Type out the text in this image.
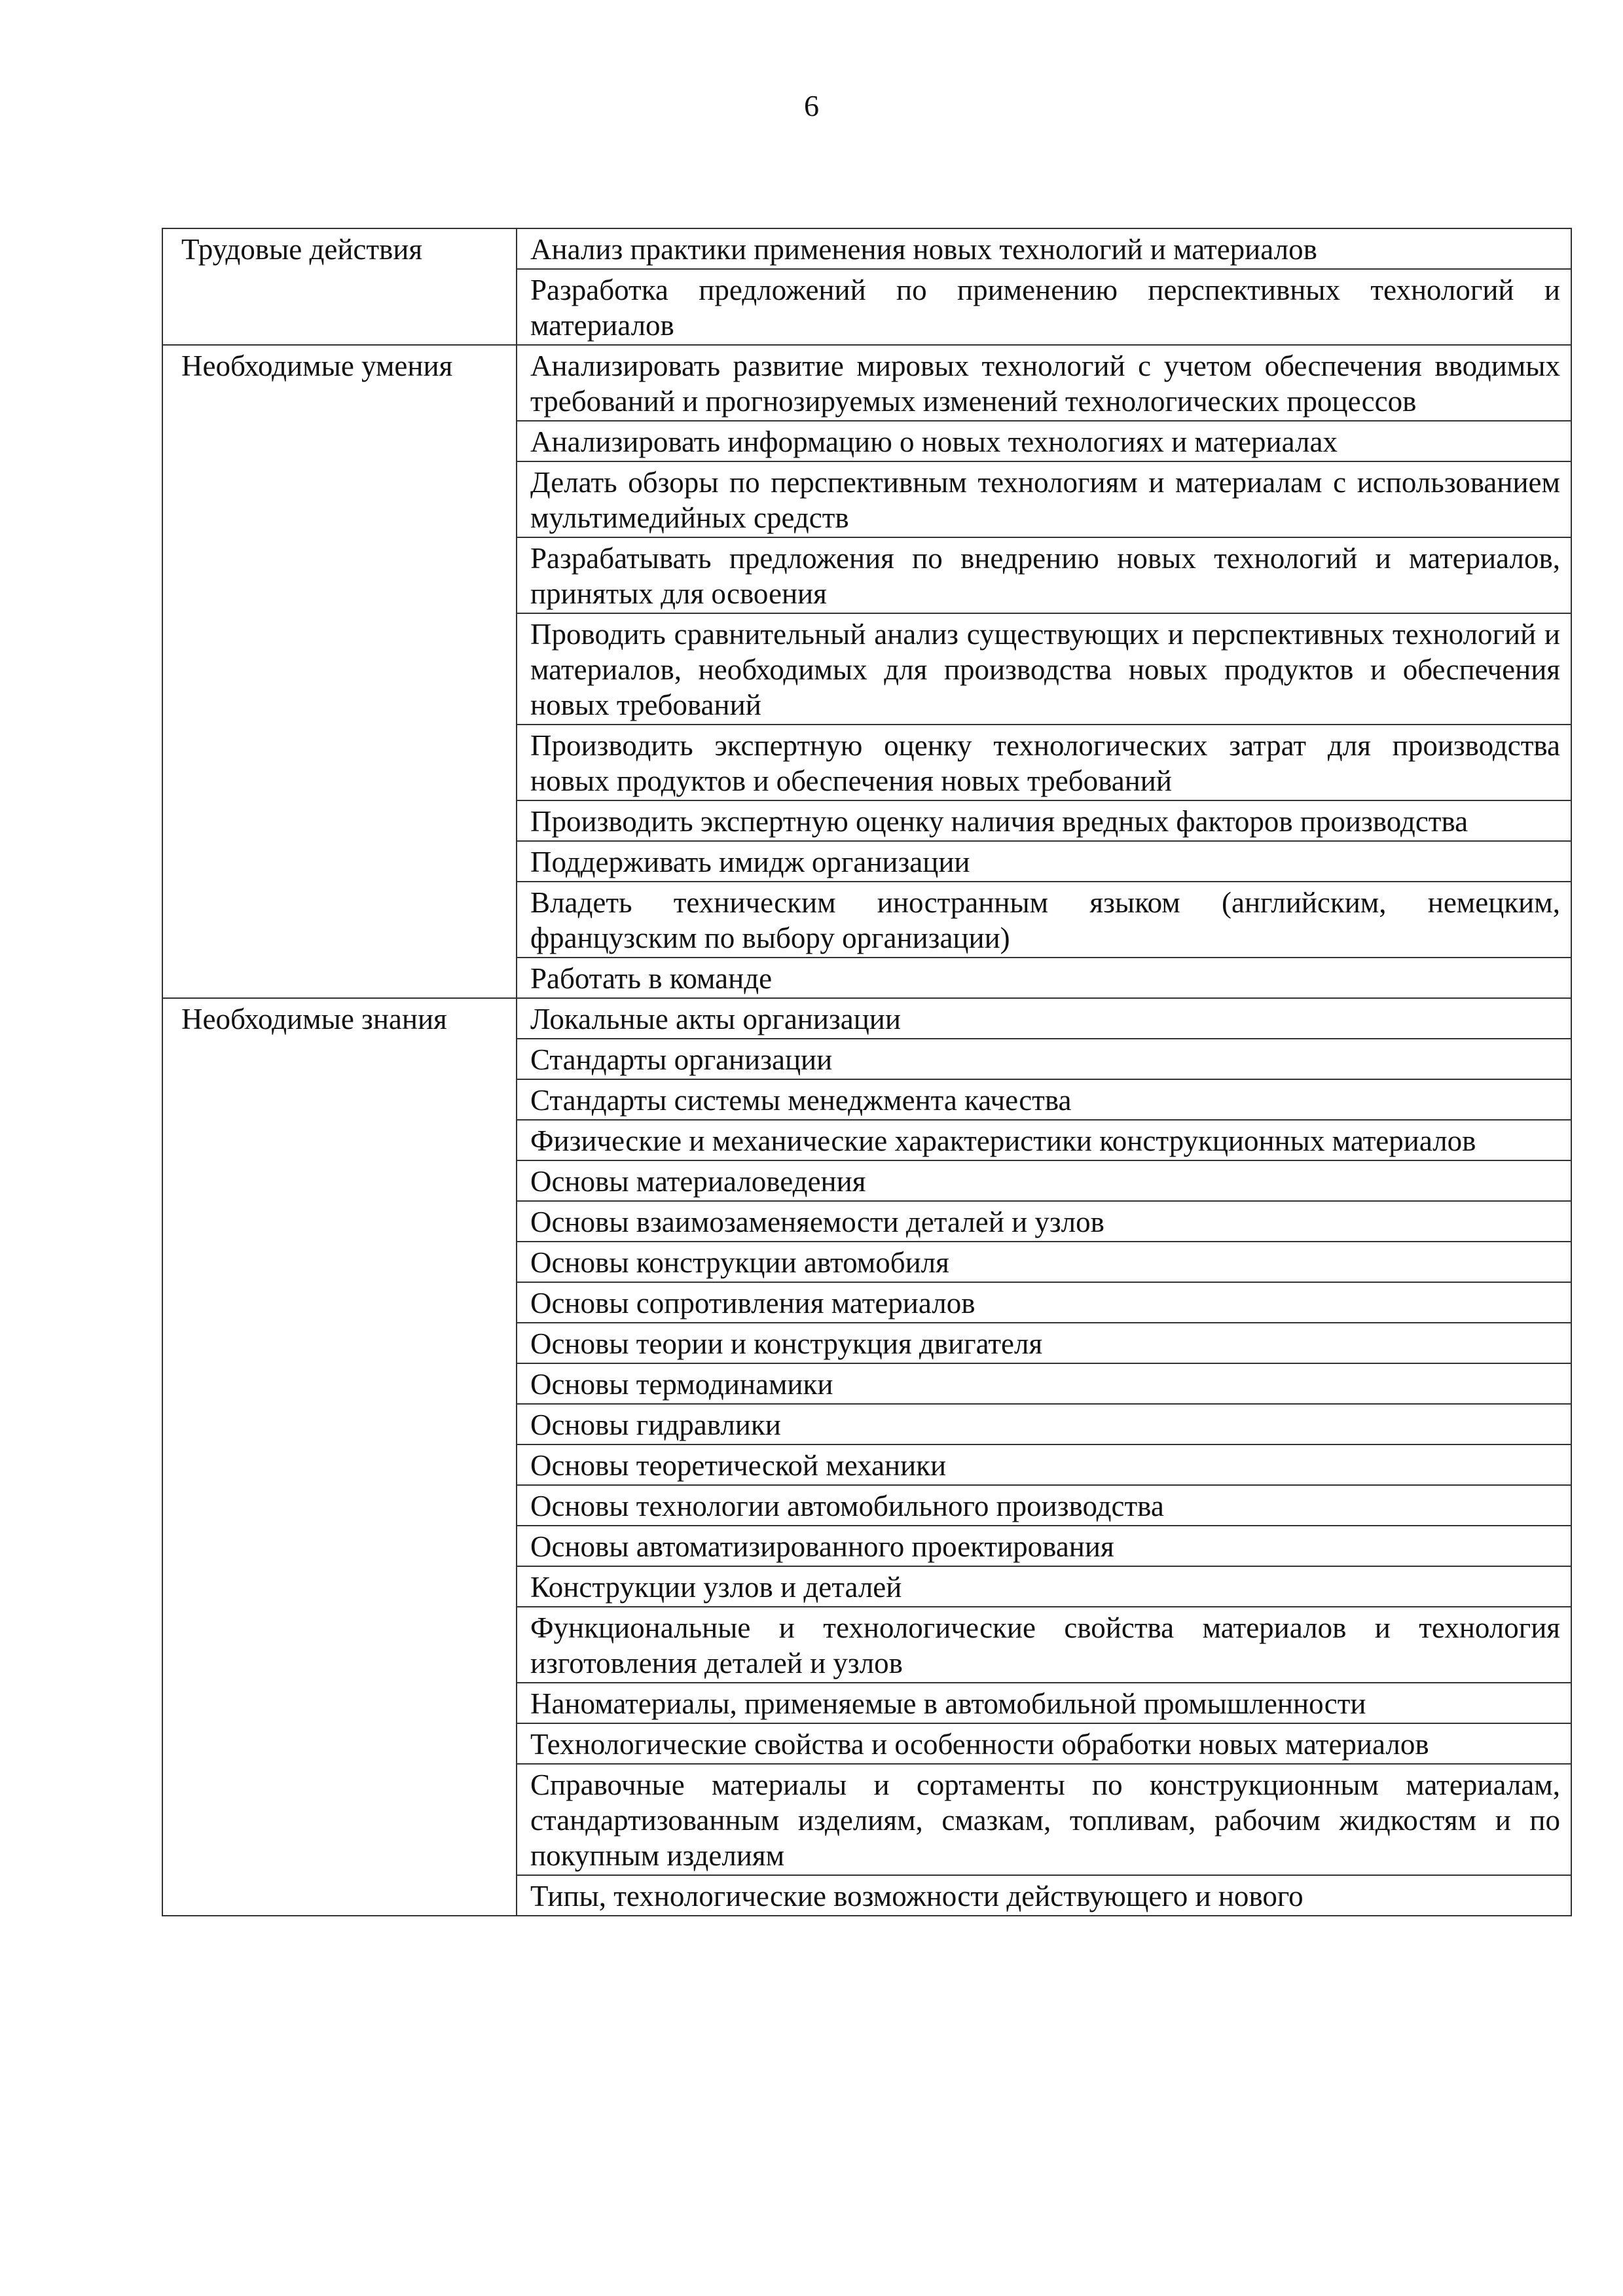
6
Трудовые действия	Анализ практики применения новых технологий и материалов
	Разработка предложений по применению перспективных технологий и материалов
Необходимые умения	Анализировать развитие мировых технологий с учетом обеспечения вводимых требований и прогнозируемых изменений технологических процессов
	Анализировать информацию о новых технологиях и материалах
	Делать обзоры по перспективным технологиям и материалам с использованием мультимедийных средств
	Разрабатывать предложения по внедрению новых технологий и материалов, принятых для освоения
	Проводить сравнительный анализ существующих и перспективных технологий и материалов, необходимых для производства новых продуктов и обеспечения новых требований
	Производить экспертную оценку технологических затрат для производства новых продуктов и обеспечения новых требований
	Производить экспертную оценку наличия вредных факторов производства
	Поддерживать имидж организации
	Владеть техническим иностранным языком (английским, немецким, французским по выбору организации)
	Работать в команде
Необходимые знания	Локальные акты организации
	Стандарты организации
	Стандарты системы менеджмента качества
	Физические и механические характеристики конструкционных материалов
	Основы материаловедения
	Основы взаимозаменяемости деталей и узлов
	Основы конструкции автомобиля
	Основы сопротивления материалов
	Основы теории и конструкция двигателя
	Основы термодинамики
	Основы гидравлики
	Основы теоретической механики
	Основы технологии автомобильного производства
	Основы автоматизированного проектирования
	Конструкции узлов и деталей
	Функциональные и технологические свойства материалов и технология изготовления деталей и узлов
	Наноматериалы, применяемые в автомобильной промышленности
	Технологические свойства и особенности обработки новых материалов
	Справочные материалы и сортаменты по конструкционным материалам, стандартизованным изделиям, смазкам, топливам, рабочим жидкостям и по покупным изделиям
	Типы, технологические возможности действующего и нового
